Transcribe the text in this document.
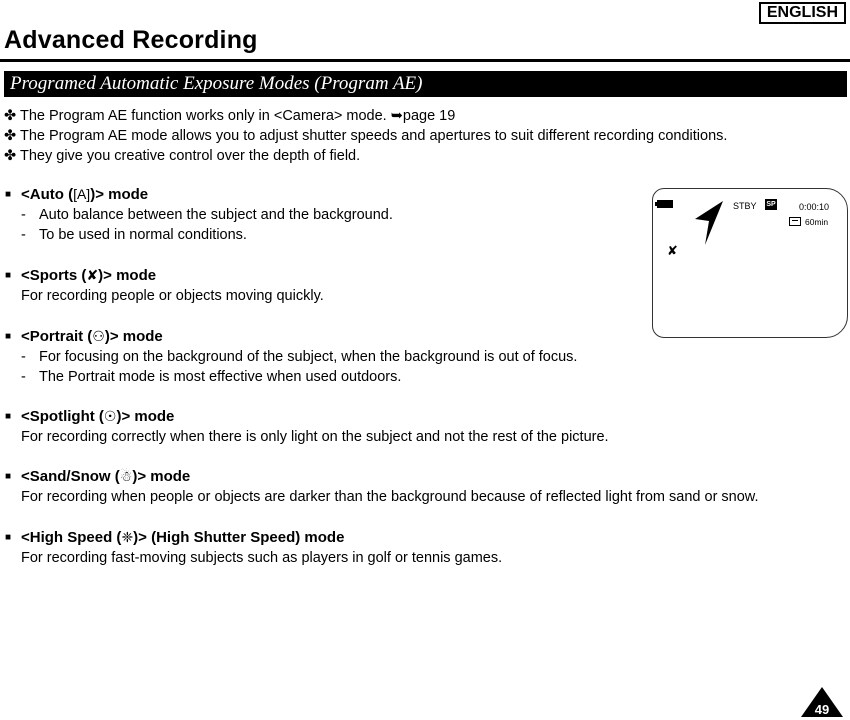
ENGLISH
Advanced Recording
Programed Automatic Exposure Modes (Program AE)
✤ The Program AE function works only in <Camera> mode. ➥page 19
✤ The Program AE mode allows you to adjust shutter speeds and apertures to suit different recording conditions.
✤ They give you creative control over the depth of field.
■ <Auto ([A])> mode
- Auto balance between the subject and the background.
- To be used in normal conditions.
■ <Sports (✘)> mode
For recording people or objects moving quickly.
■ <Portrait (⚇)> mode
- For focusing on the background of the subject, when the background is out of focus.
- The Portrait mode is most effective when used outdoors.
■ <Spotlight (☉)> mode
For recording correctly when there is only light on the subject and not the rest of the picture.
■ <Sand/Snow (☃)> mode
For recording when people or objects are darker than the background because of reflected light from sand or snow.
■ <High Speed (❈)> (High Shutter Speed) mode
For recording fast-moving subjects such as players in golf or tennis games.
STBY SP	0:00:10
60min
✘
49
